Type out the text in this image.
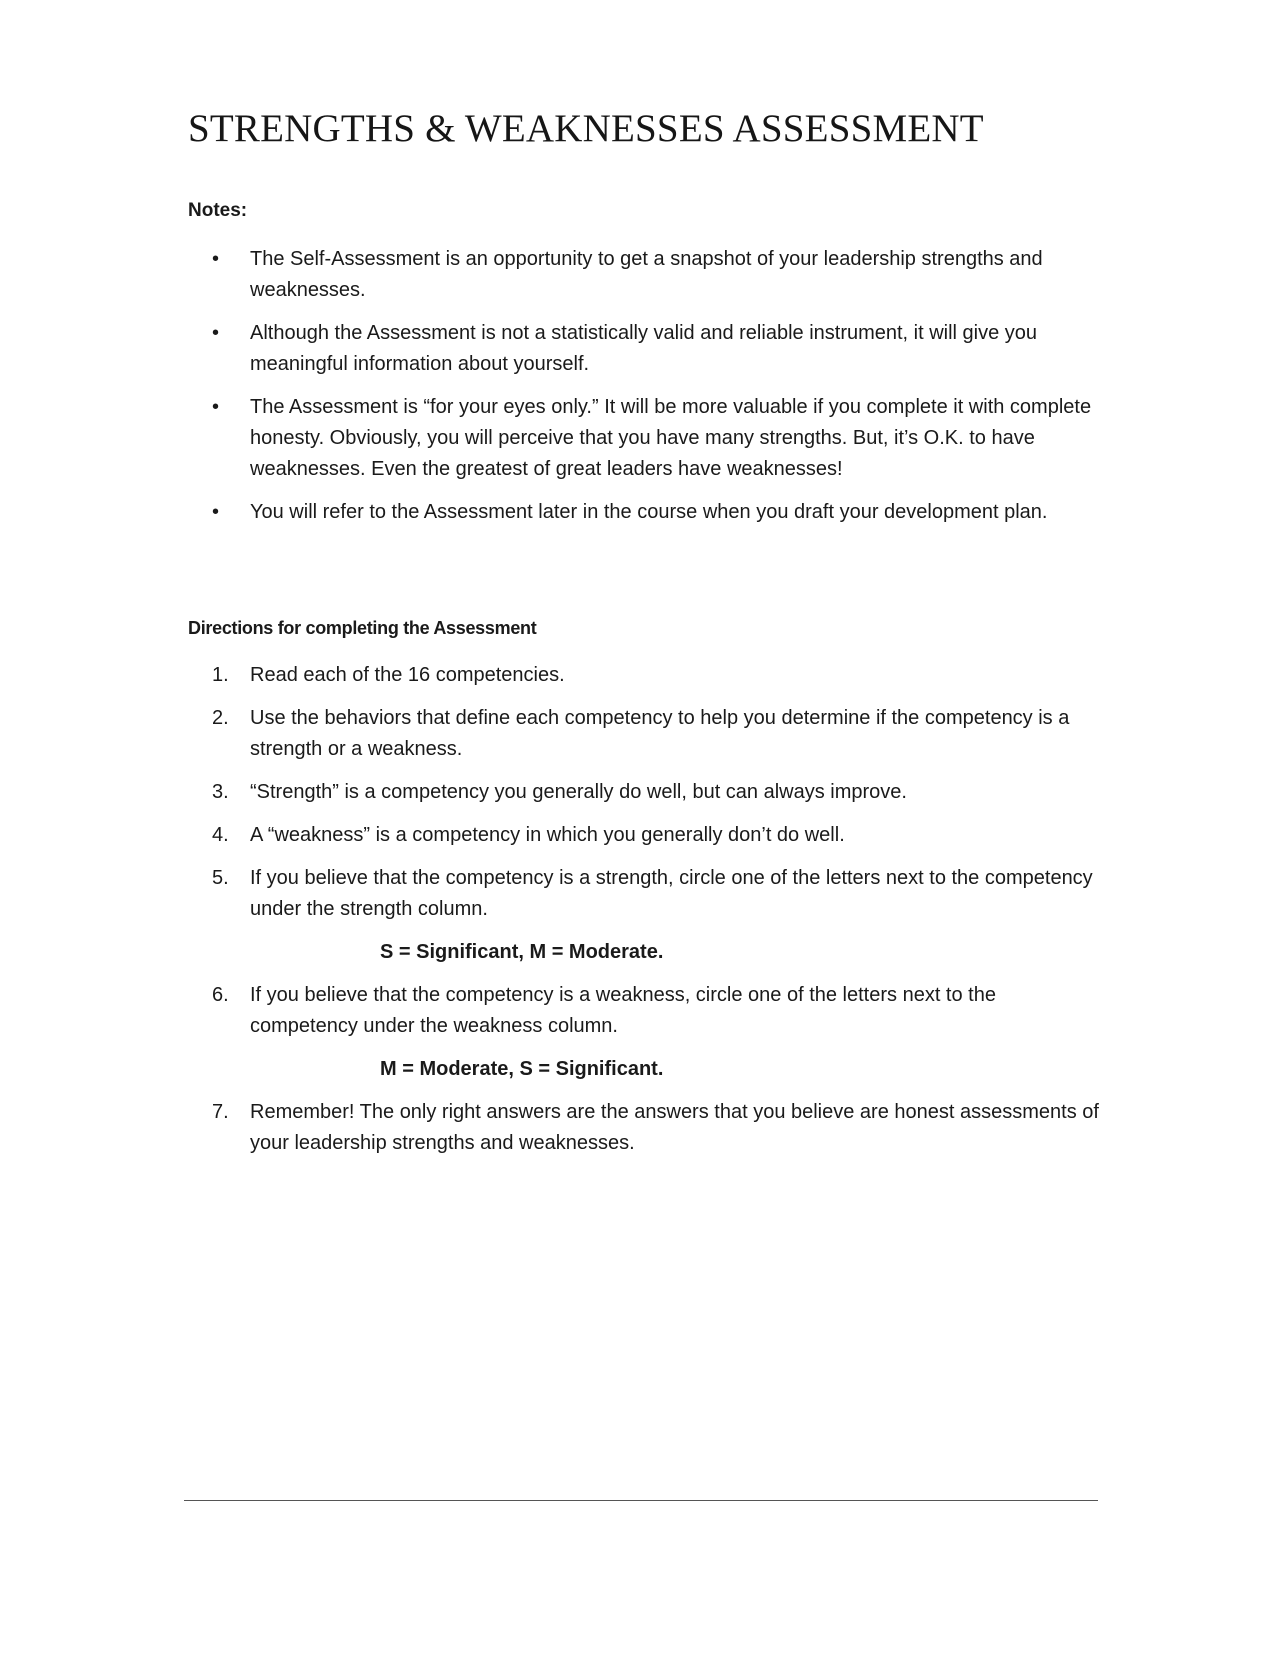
STRENGTHS & WEAKNESSES ASSESSMENT
Notes:
• The Self-Assessment is an opportunity to get a snapshot of your leadership strengths and weaknesses.
• Although the Assessment is not a statistically valid and reliable instrument, it will give you meaningful information about yourself.
• The Assessment is “for your eyes only.” It will be more valuable if you complete it with complete honesty. Obviously, you will perceive that you have many strengths. But, it’s O.K. to have weaknesses. Even the greatest of great leaders have weaknesses!
• You will refer to the Assessment later in the course when you draft your development plan.
Directions for completing the Assessment
1. Read each of the 16 competencies.
2. Use the behaviors that define each competency to help you determine if the competency is a strength or a weakness.
3. “Strength” is a competency you generally do well, but can always improve.
4. A “weakness” is a competency in which you generally don’t do well.
5. If you believe that the competency is a strength, circle one of the letters next to the competency under the strength column.
S = Significant, M = Moderate.
6. If you believe that the competency is a weakness, circle one of the letters next to the competency under the weakness column.
M = Moderate, S = Significant.
7. Remember! The only right answers are the answers that you believe are honest assessments of your leadership strengths and weaknesses.
